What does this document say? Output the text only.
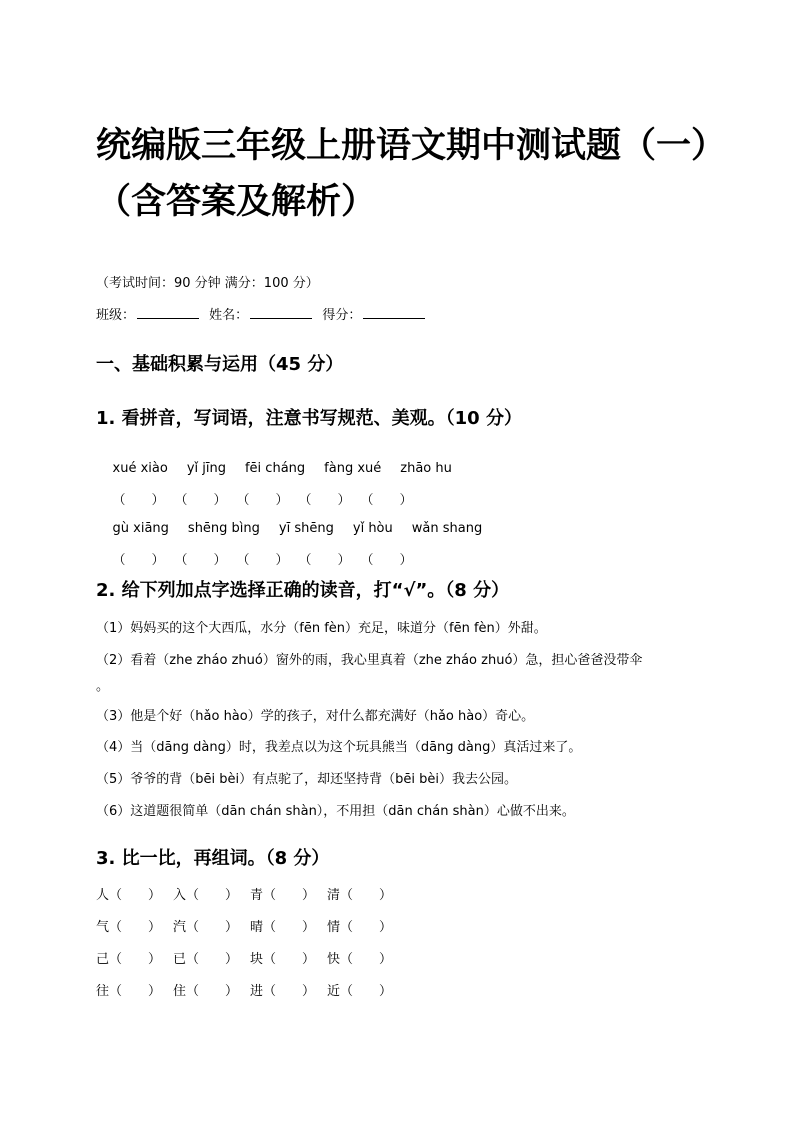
统编版三年级上册语文期中测试题（一）（含答案及解析）
（考试时间：90 分钟 满分：100 分）
班级：	姓名：	得分：
一、基础积累与运用（45 分）
1. 看拼音，写词语，注意书写规范、美观。（10 分）

xué xiào yǐ jīng fēi cháng fàng xué zhāo hu

（　　） （　　） （　　） （　　） （　　）

gù xiāng shēng bìng yī shēng yǐ hòu wǎn shang

（　　） （　　） （　　） （　　） （　　）

2. 给下列加点字选择正确的读音，打“√”。（8 分）
（1）妈妈买的这个大西瓜，水分（fēn fèn）充足，味道分（fēn fèn）外甜。
（2）看着（zhe zháo zhuó）窗外的雨，我心里真着（zhe zháo zhuó）急，担心爸爸没带伞
。
（3）他是个好（hǎo hào）学的孩子，对什么都充满好（hǎo hào）奇心。
（4）当（dāng dàng）时，我差点以为这个玩具熊当（dāng dàng）真活过来了。
（5）爷爷的背（bēi bèi）有点驼了，却还坚持背（bēi bèi）我去公园。
（6）这道题很简单（dān chán shàn），不用担（dān chán shàn）心做不出来。
3. 比一比，再组词。（8 分）
人（　　） 入（　　） 青（　　） 清（　　）
气（　　） 汽（　　） 晴（　　） 情（　　）
己（　　） 已（　　） 块（　　） 快（　　）
往（　　） 住（　　） 进（　　） 近（　　）
